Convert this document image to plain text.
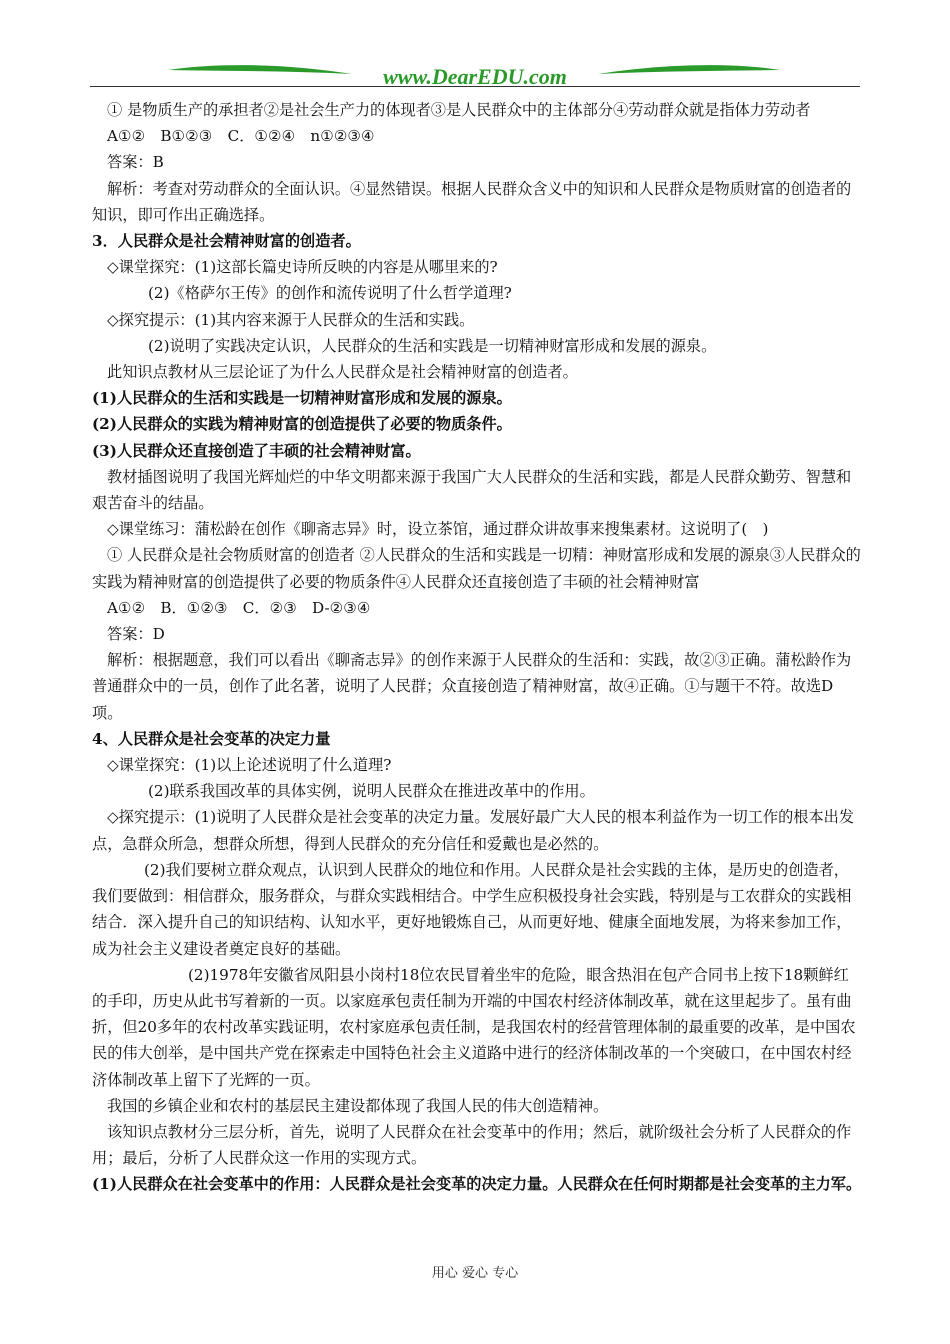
www.DearEDU.com

① 是物质生产的承担者②是社会生产力的体现者③是人民群众中的主体部分④劳动群众就是指体力劳动者

A①②　B①②③　C．①②④　n①②③④

答案：B

解析：考查对劳动群众的全面认识。④显然错误。根据人民群众含义中的知识和人民群众是物质财富的创造者的知识，即可作出正确选择。

3．人民群众是社会精神财富的创造者。

◇课堂探究：(1)这部长篇史诗所反映的内容是从哪里来的?

(2)《格萨尔王传》的创作和流传说明了什么哲学道理?

◇探究提示：(1)其内容来源于人民群众的生活和实践。

(2)说明了实践决定认识，人民群众的生活和实践是一切精神财富形成和发展的源泉。

此知识点教材从三层论证了为什么人民群众是社会精神财富的创造者。

(1)人民群众的生活和实践是一切精神财富形成和发展的源泉。

(2)人民群众的实践为精神财富的创造提供了必要的物质条件。

(3)人民群众还直接创造了丰硕的社会精神财富。

教材插图说明了我国光辉灿烂的中华文明都来源于我国广大人民群众的生活和实践，都是人民群众勤劳、智慧和艰苦奋斗的结晶。

◇课堂练习：蒲松龄在创作《聊斋志异》时，设立茶馆，通过群众讲故事来搜集素材。这说明了(　)

① 人民群众是社会物质财富的创造者 ②人民群众的生活和实践是一切精：神财富形成和发展的源泉③人民群众的实践为精神财富的创造提供了必要的物质条件④人民群众还直接创造了丰硕的社会精神财富

A①②　B．①②③　C．②③　D-②③④

答案：D

解析：根据题意，我们可以看出《聊斋志异》的创作来源于人民群众的生活和：实践，故②③正确。蒲松龄作为普通群众中的一员，创作了此名著，说明了人民群；众直接创造了精神财富，故④正确。①与题干不符。故选D项。

4、人民群众是社会变革的决定力量

◇课堂探究：(1)以上论述说明了什么道理?

(2)联系我国改革的具体实例，说明人民群众在推进改革中的作用。

◇探究提示：(1)说明了人民群众是社会变革的决定力量。发展好最广大人民的根本利益作为一切工作的根本出发点，急群众所急，想群众所想，得到人民群众的充分信任和爱戴也是必然的。

(2)我们要树立群众观点，认识到人民群众的地位和作用。人民群众是社会实践的主体，是历史的创造者，我们要做到：相信群众，服务群众，与群众实践相结合。中学生应积极投身社会实践，特别是与工农群众的实践相结合．深入提升自己的知识结构、认知水平，更好地锻炼自己，从而更好地、健康全面地发展，为将来参加工作，成为社会主义建设者奠定良好的基础。

(2)1978年安徽省凤阳县小岗村18位农民冒着坐牢的危险，眼含热泪在包产合同书上按下18颗鲜红的手印，历史从此书写着新的一页。以家庭承包责任制为开端的中国农村经济体制改革，就在这里起步了。虽有曲折，但20多年的农村改革实践证明，农村家庭承包责任制，是我国农村的经营管理体制的最重要的改革，是中国农民的伟大创举，是中国共产党在探索走中国特色社会主义道路中进行的经济体制改革的一个突破口，在中国农村经济体制改革上留下了光辉的一页。

我国的乡镇企业和农村的基层民主建设都体现了我国人民的伟大创造精神。

该知识点教材分三层分析，首先，说明了人民群众在社会变革中的作用；然后，就阶级社会分析了人民群众的作用；最后，分析了人民群众这一作用的实现方式。

(1)人民群众在社会变革中的作用：人民群众是社会变革的决定力量。人民群众在任何时期都是社会变革的主力军。

用心 爱心 专心
